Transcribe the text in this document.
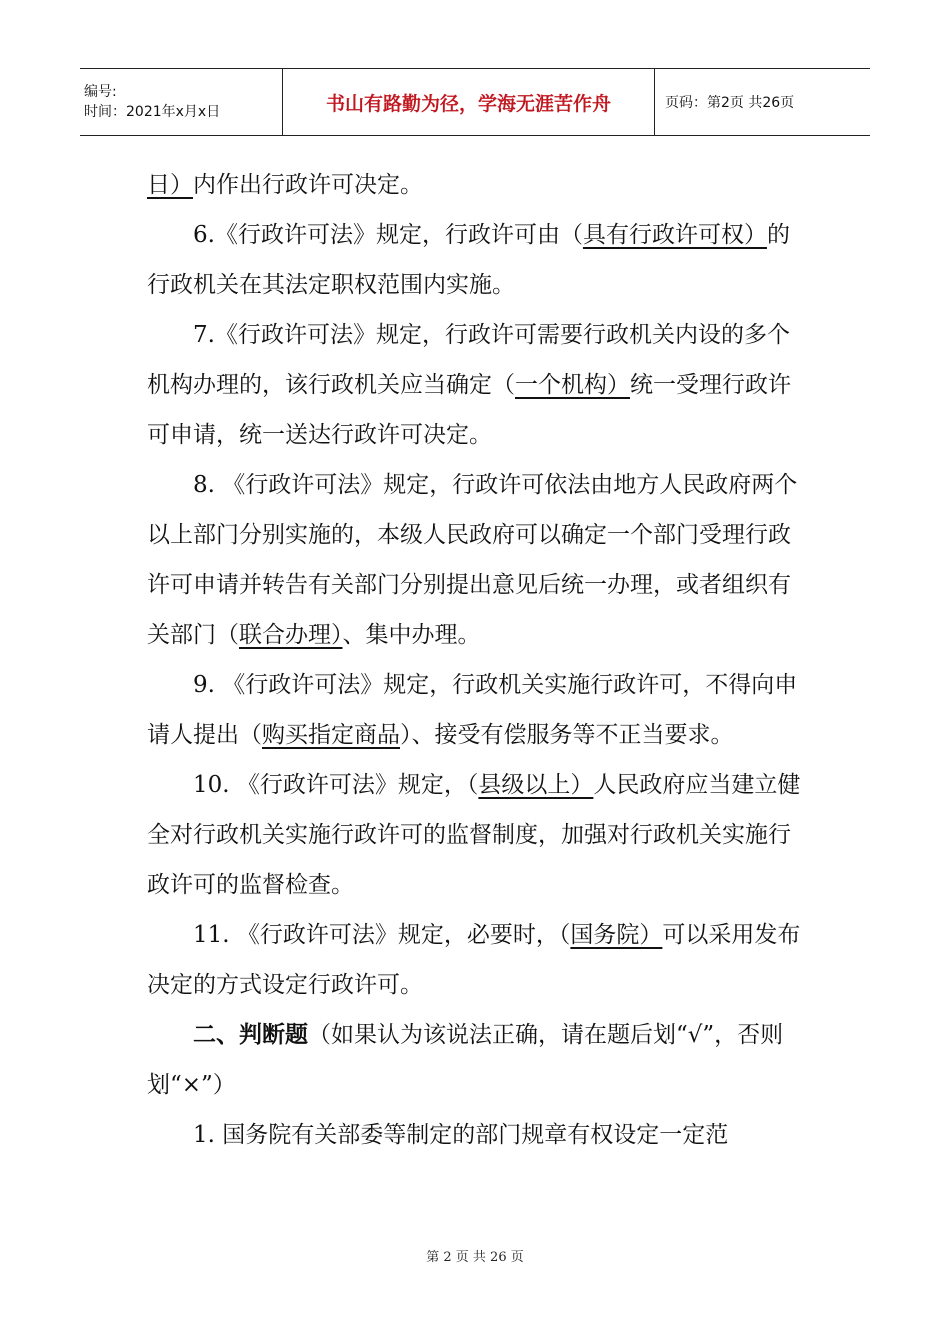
编号:
时间：2021年x月x日	书山有路勤为径，学海无涯苦作舟	页码：第2页 共26页

日）内作出行政许可决定。

6.《行政许可法》规定，行政许可由（具有行政许可权）的行政机关在其法定职权范围内实施。

7.《行政许可法》规定，行政许可需要行政机关内设的多个机构办理的，该行政机关应当确定（一个机构）统一受理行政许可申请，统一送达行政许可决定。

8. 《行政许可法》规定，行政许可依法由地方人民政府两个以上部门分别实施的，本级人民政府可以确定一个部门受理行政许可申请并转告有关部门分别提出意见后统一办理，或者组织有关部门（联合办理）、集中办理。

9. 《行政许可法》规定，行政机关实施行政许可，不得向申请人提出（购买指定商品）、接受有偿服务等不正当要求。

10. 《行政许可法》规定，（县级以上）人民政府应当建立健全对行政机关实施行政许可的监督制度，加强对行政机关实施行政许可的监督检查。

11. 《行政许可法》规定，必要时，（国务院）可以采用发布决定的方式设定行政许可。

二、判断题（如果认为该说法正确，请在题后划“√”，否则划“×”）

1. 国务院有关部委等制定的部门规章有权设定一定范

第 2 页 共 26 页
